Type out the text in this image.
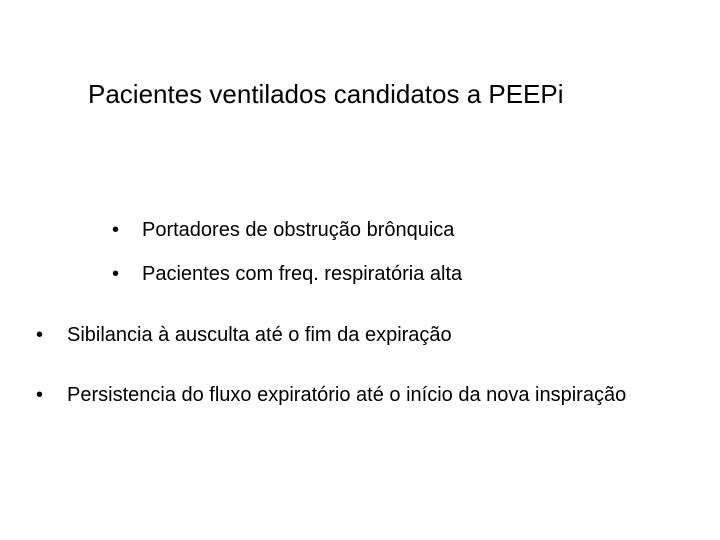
Pacientes ventilados candidatos a PEEPi
• Portadores de obstrução brônquica
• Pacientes com freq. respiratória alta
• Sibilancia à ausculta até o fim da expiração
• Persistencia do fluxo expiratório até o início da nova inspiração
